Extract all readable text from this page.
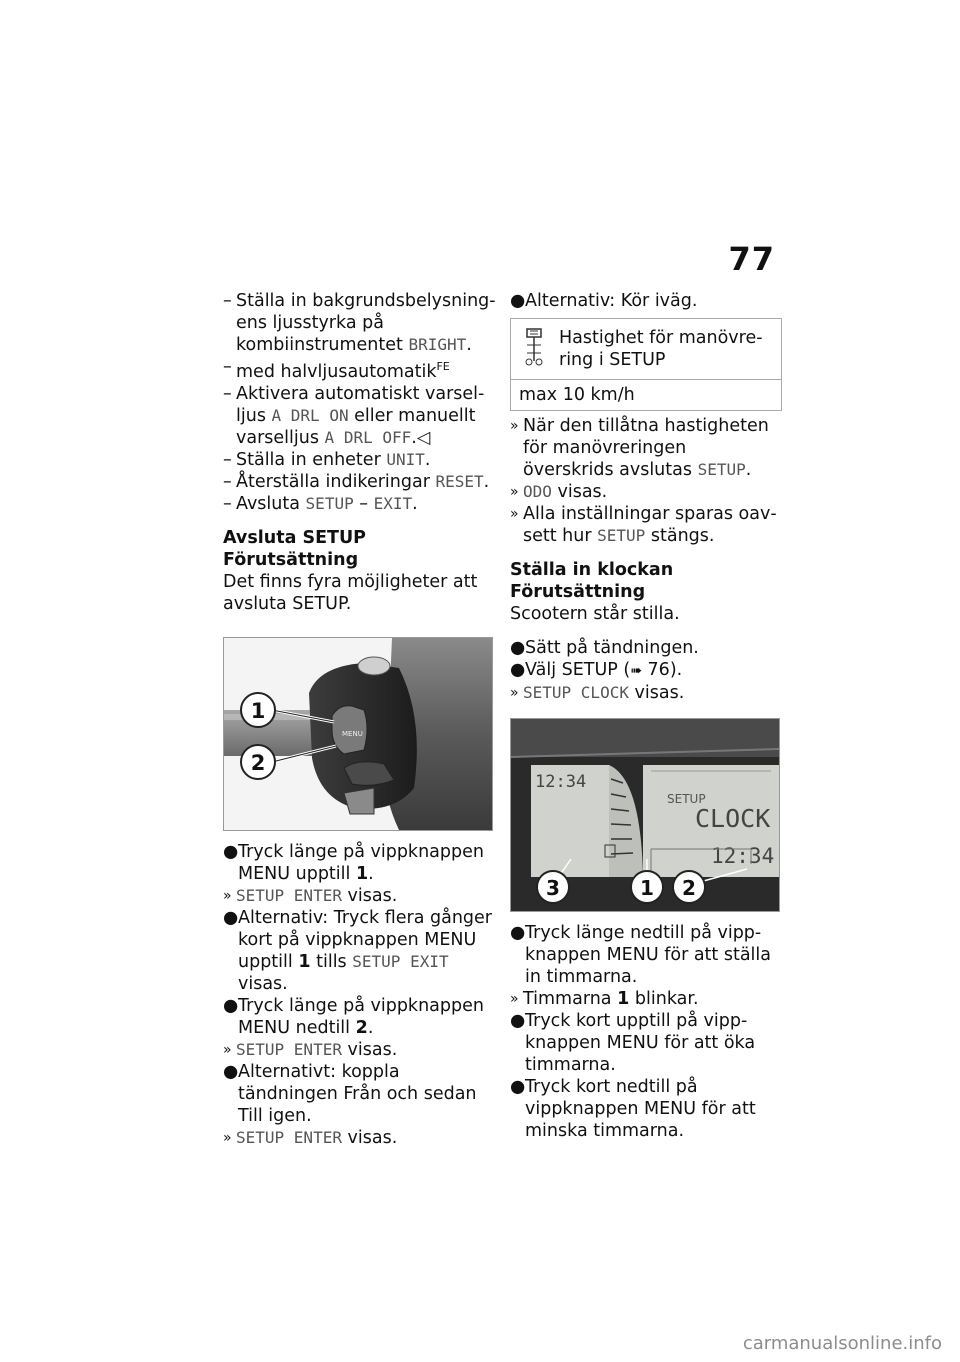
77
– Ställa in bakgrundsbelysningens ljusstyrka på kombiinstrumentet BRIGHT.
– med halvljusautomatik$^{FE}$
– Aktivera automatiskt varselljus A DRL ON eller manuellt varselljus A DRL OFF.◁
– Ställa in enheter UNIT.
– Återställa indikeringar RESET.
– Avsluta SETUP – EXIT.

Avsluta SETUP

Förutsättning

Det finns fyra möjligheter att avsluta SETUP.

MENU
1
2
● Tryck länge på vippknappen MENU upptill 1.
» SETUP ENTER visas.
● Alternativ: Tryck flera gånger kort på vippknappen MENU upptill 1 tills SETUP EXIT visas.
● Tryck länge på vippknappen MENU nedtill 2.
» SETUP ENTER visas.
● Alternativt: koppla tändningen Från och sedan Till igen.
» SETUP ENTER visas.
● Alternativ: Kör iväg.
Hastighet för manövrering i SETUP
max 10 km/h
» När den tillåtna hastigheten för manövreringen överskrids avslutas SETUP.
» ODO visas.
» Alla inställningar sparas oavsett hur SETUP stängs.

Ställa in klockan

Förutsättning

Scootern står stilla.

● Sätt på tändningen.
● Välj SETUP (➠ 76).
» SETUP CLOCK visas.
12:34
SETUP
CLOCK
12:34
3	1 2
● Tryck länge nedtill på vippknappen MENU för att ställa in timmarna.
» Timmarna 1 blinkar.
● Tryck kort upptill på vippknappen MENU för att öka timmarna.
● Tryck kort nedtill på vippknappen MENU för att minska timmarna.
carmanualsonline.info
